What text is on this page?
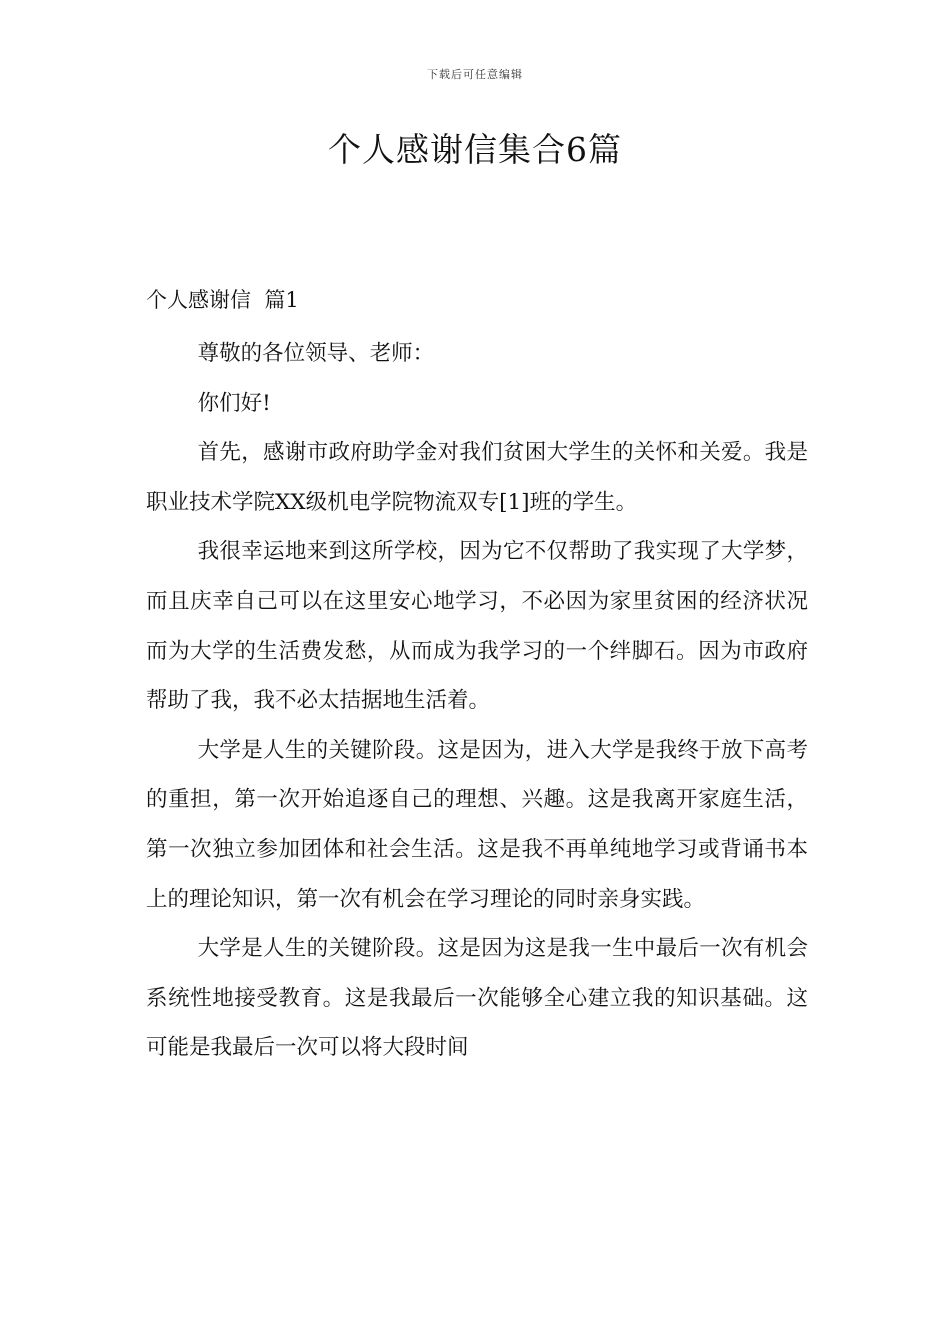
下载后可任意编辑
个人感谢信集合6篇
个人感谢信  篇1

尊敬的各位领导、老师：

你们好!

首先，感谢市政府助学金对我们贫困大学生的关怀和关爱。我是职业技术学院XX级机电学院物流双专[1]班的学生。

我很幸运地来到这所学校，因为它不仅帮助了我实现了大学梦，而且庆幸自己可以在这里安心地学习，不必因为家里贫困的经济状况而为大学的生活费发愁，从而成为我学习的一个绊脚石。因为市政府帮助了我，我不必太拮据地生活着。

大学是人生的关键阶段。这是因为，进入大学是我终于放下高考的重担，第一次开始追逐自己的理想、兴趣。这是我离开家庭生活，第一次独立参加团体和社会生活。这是我不再单纯地学习或背诵书本上的理论知识，第一次有机会在学习理论的同时亲身实践。

大学是人生的关键阶段。这是因为这是我一生中最后一次有机会系统性地接受教育。这是我最后一次能够全心建立我的知识基础。这可能是我最后一次可以将大段时间
